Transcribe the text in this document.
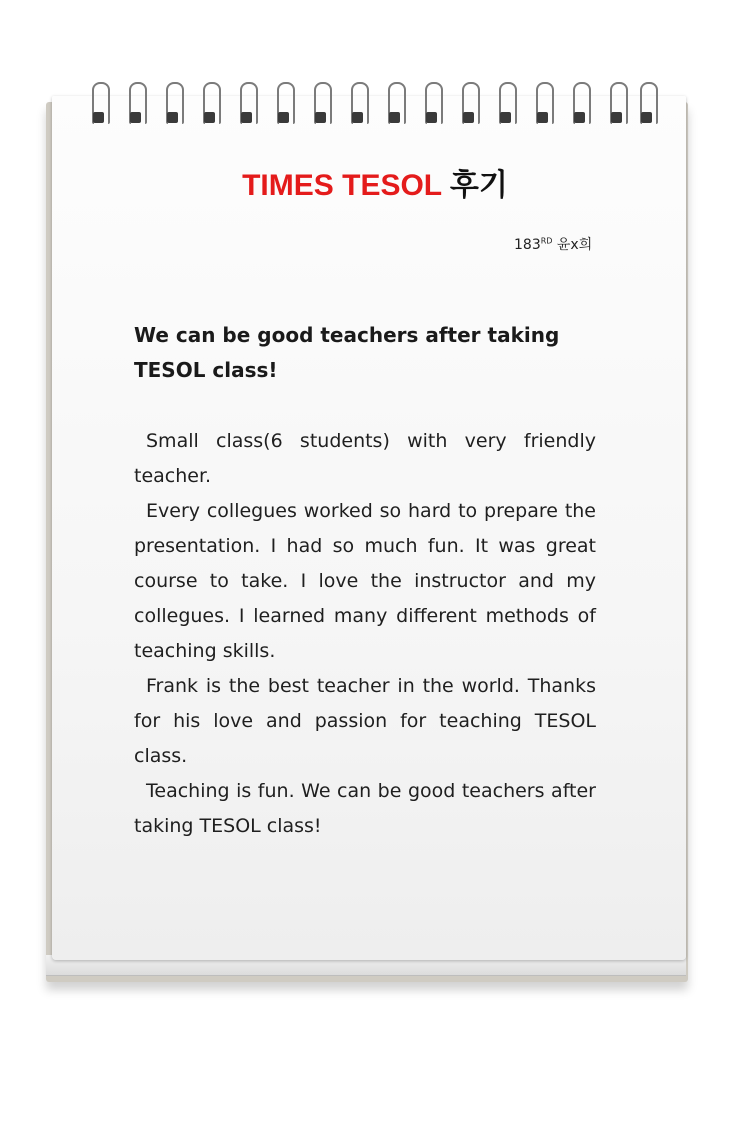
TIMES TESOL 후기
183RD 윤x희
We can be good teachers after taking TESOL class!

Small class(6 students) with very friendly teacher.

Every collegues worked so hard to prepare the presentation. I had so much fun. It was great course to take. I love the instructor and my collegues. I learned many different methods of teaching skills.

Frank is the best teacher in the world. Thanks for his love and passion for teaching TESOL class.

Teaching is fun. We can be good teachers after taking TESOL class!
